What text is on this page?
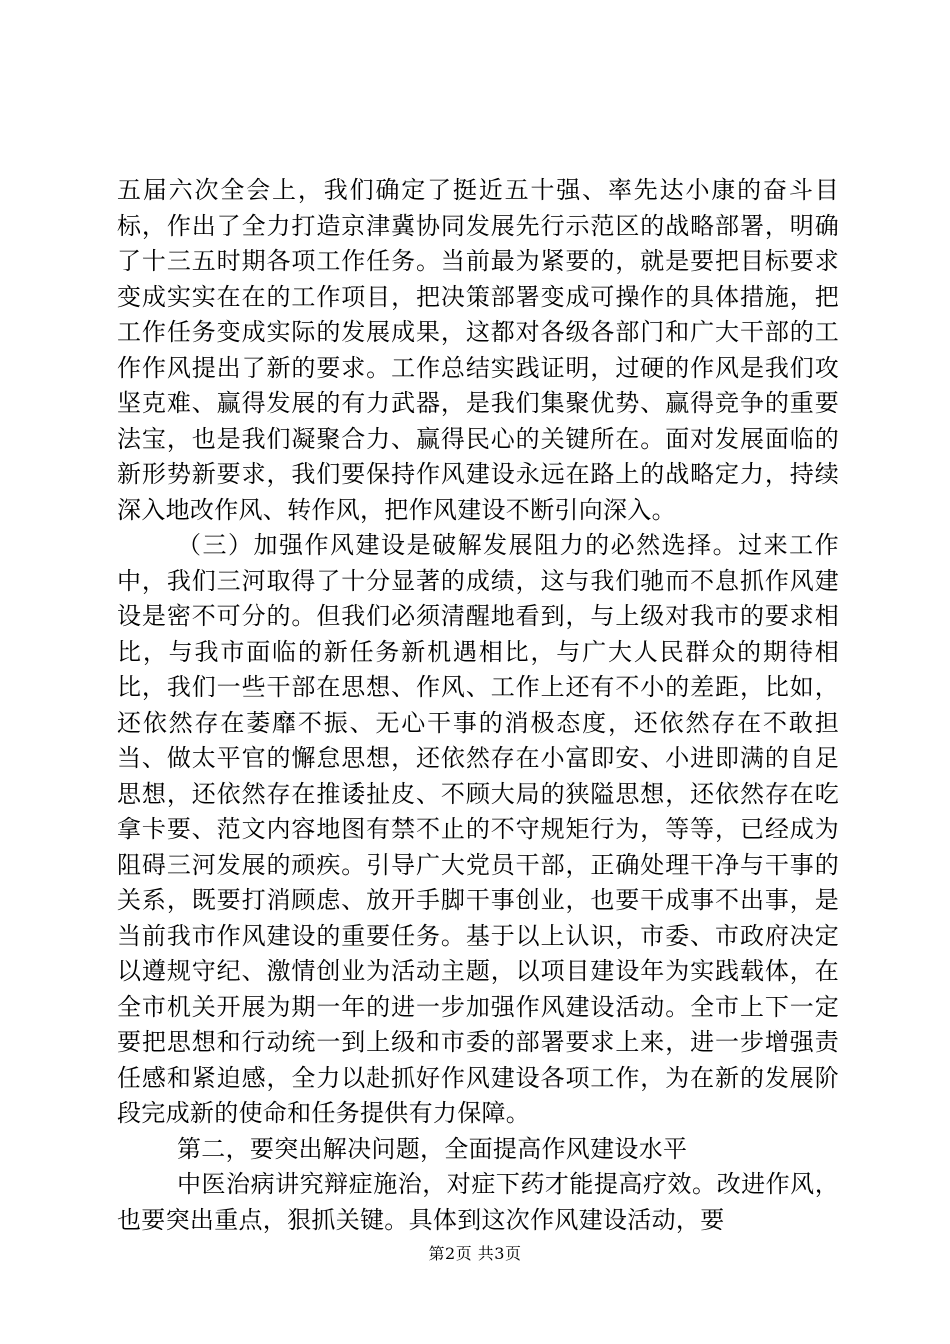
五届六次全会上，我们确定了挺近五十强、率先达小康的奋斗目标，作出了全力打造京津冀协同发展先行示范区的战略部署，明确了十三五时期各项工作任务。当前最为紧要的，就是要把目标要求变成实实在在的工作项目，把决策部署变成可操作的具体措施，把工作任务变成实际的发展成果，这都对各级各部门和广大干部的工作作风提出了新的要求。工作总结实践证明，过硬的作风是我们攻坚克难、赢得发展的有力武器，是我们集聚优势、赢得竞争的重要法宝，也是我们凝聚合力、赢得民心的关键所在。面对发展面临的新形势新要求，我们要保持作风建设永远在路上的战略定力，持续深入地改作风、转作风，把作风建设不断引向深入。

（三）加强作风建设是破解发展阻力的必然选择。过来工作中，我们三河取得了十分显著的成绩，这与我们驰而不息抓作风建设是密不可分的。但我们必须清醒地看到，与上级对我市的要求相比，与我市面临的新任务新机遇相比，与广大人民群众的期待相比，我们一些干部在思想、作风、工作上还有不小的差距，比如，还依然存在萎靡不振、无心干事的消极态度，还依然存在不敢担当、做太平官的懈怠思想，还依然存在小富即安、小进即满的自足思想，还依然存在推诿扯皮、不顾大局的狭隘思想，还依然存在吃拿卡要、范文内容地图有禁不止的不守规矩行为，等等，已经成为阻碍三河发展的顽疾。引导广大党员干部，正确处理干净与干事的关系，既要打消顾虑、放开手脚干事创业，也要干成事不出事，是当前我市作风建设的重要任务。基于以上认识，市委、市政府决定以遵规守纪、激情创业为活动主题，以项目建设年为实践载体，在全市机关开展为期一年的进一步加强作风建设活动。全市上下一定要把思想和行动统一到上级和市委的部署要求上来，进一步增强责任感和紧迫感，全力以赴抓好作风建设各项工作，为在新的发展阶段完成新的使命和任务提供有力保障。

第二，要突出解决问题，全面提高作风建设水平

中医治病讲究辩症施治，对症下药才能提高疗效。改进作风，也要突出重点，狠抓关键。具体到这次作风建设活动，要

第2页 共3页
